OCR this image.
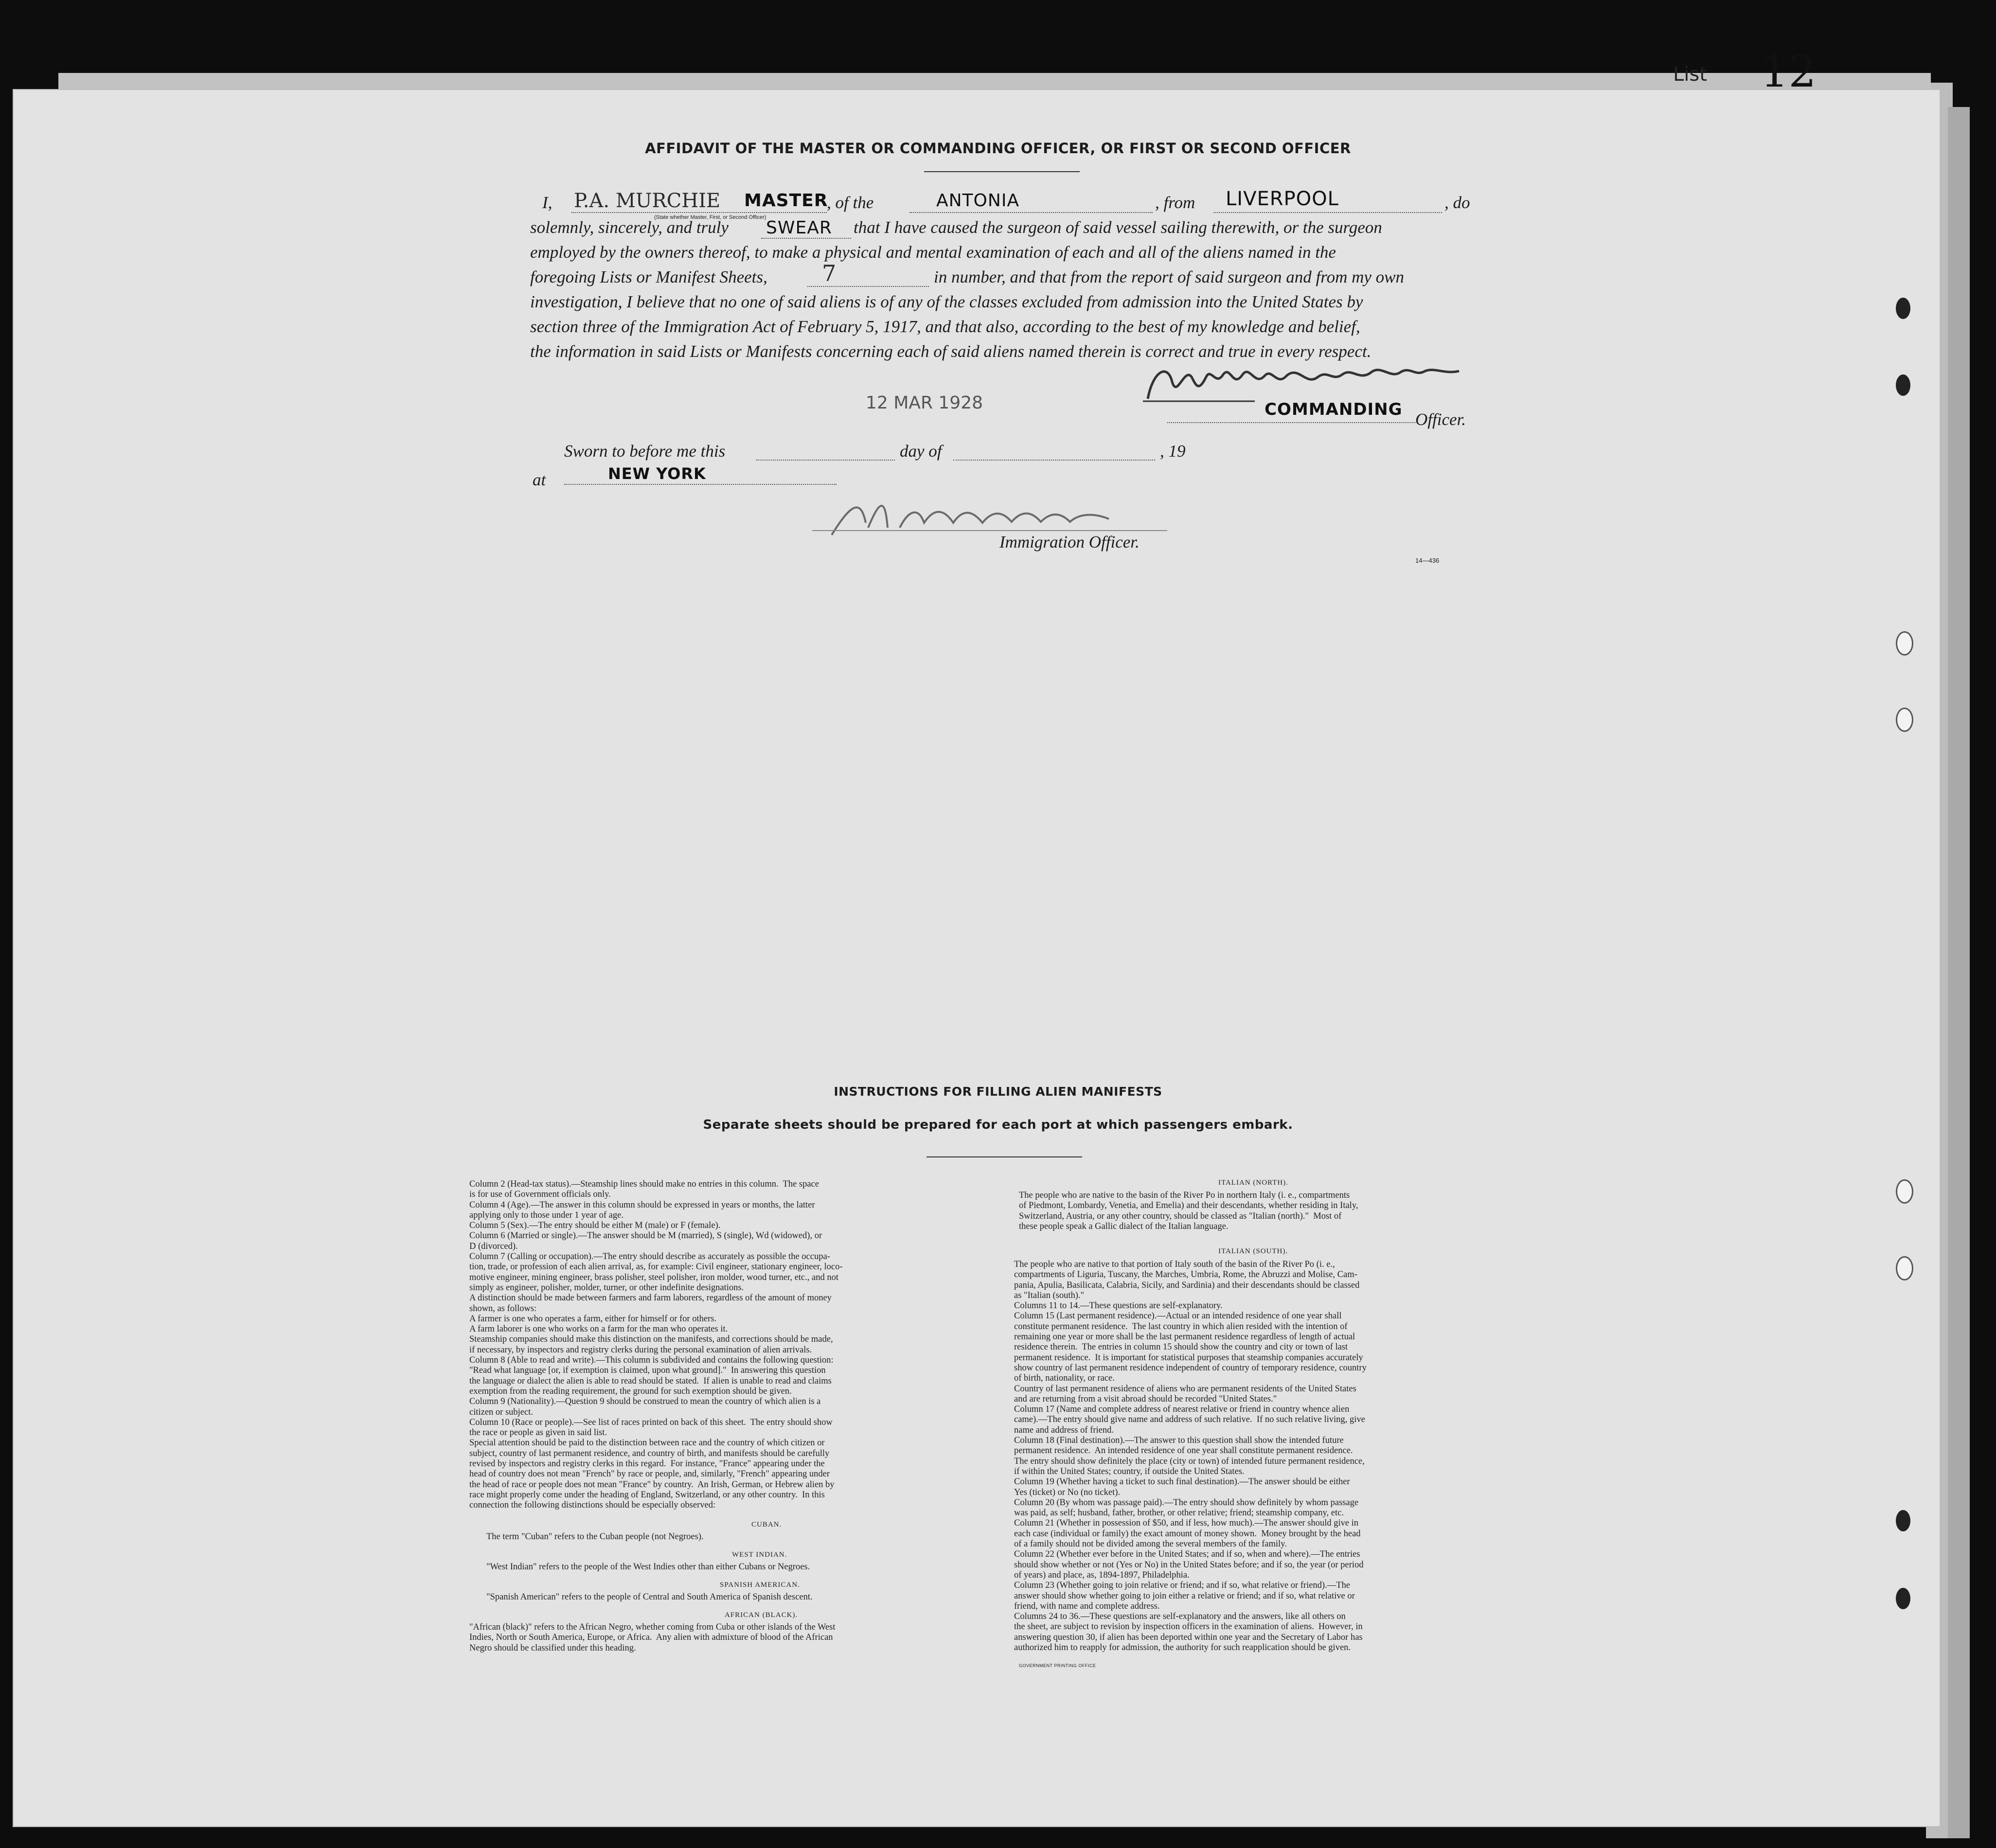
List 12
AFFIDAVIT OF THE MASTER OR COMMANDING OFFICER, OR FIRST OR SECOND OFFICER
I, P.A. MURCHIE MASTER
(State whether Master, First, or Second Officer)
, of the	ANTONIA	, from LIVERPOOL	, do
solemnly, sincerely, and truly SWEAR that I have caused the surgeon of said vessel sailing therewith, or the surgeon
employed by the owners thereof, to make a physical and mental examination of each and all of the aliens named in the
foregoing Lists or Manifest Sheets, 7	in number, and that from the report of said surgeon and from my own
investigation, I believe that no one of said aliens is of any of the classes excluded from admission into the United States by
section three of the Immigration Act of February 5, 1917, and that also, according to the best of my knowledge and belief,
the information in said Lists or Manifests concerning each of said aliens named therein is correct and true in every respect.
12 MAR 1928	COMMANDING
Officer.
Sworn to before me this	day of	, 19
at	NEW YORK
Immigration Officer.
14—436
INSTRUCTIONS FOR FILLING ALIEN MANIFESTS
Separate sheets should be prepared for each port at which passengers embark.
Column 2 (Head-tax status).—Steamship lines should make no entries in this column.  The space
is for use of Government officials only.
Column 4 (Age).—The answer in this column should be expressed in years or months, the latter
applying only to those under 1 year of age.
Column 5 (Sex).—The entry should be either M (male) or F (female).
Column 6 (Married or single).—The answer should be M (married), S (single), Wd (widowed), or
D (divorced).
Column 7 (Calling or occupation).—The entry should describe as accurately as possible the occupa-
tion, trade, or profession of each alien arrival, as, for example: Civil engineer, stationary engineer, loco-
motive engineer, mining engineer, brass polisher, steel polisher, iron molder, wood turner, etc., and not
simply as engineer, polisher, molder, turner, or other indefinite designations.
A distinction should be made between farmers and farm laborers, regardless of the amount of money
shown, as follows:
A farmer is one who operates a farm, either for himself or for others.
A farm laborer is one who works on a farm for the man who operates it.
Steamship companies should make this distinction on the manifests, and corrections should be made,
if necessary, by inspectors and registry clerks during the personal examination of alien arrivals.
Column 8 (Able to read and write).—This column is subdivided and contains the following question:
"Read what language [or, if exemption is claimed, upon what ground]."  In answering this question
the language or dialect the alien is able to read should be stated.  If alien is unable to read and claims
exemption from the reading requirement, the ground for such exemption should be given.
Column 9 (Nationality).—Question 9 should be construed to mean the country of which alien is a
citizen or subject.
Column 10 (Race or people).—See list of races printed on back of this sheet.  The entry should show
the race or people as given in said list.
Special attention should be paid to the distinction between race and the country of which citizen or
subject, country of last permanent residence, and country of birth, and manifests should be carefully
revised by inspectors and registry clerks in this regard.  For instance, "France" appearing under the
head of country does not mean "French" by race or people, and, similarly, "French" appearing under
the head of race or people does not mean "France" by country.  An Irish, German, or Hebrew alien by
race might properly come under the heading of England, Switzerland, or any other country.  In this
connection the following distinctions should be especially observed:
CUBAN.
The term "Cuban" refers to the Cuban people (not Negroes).
WEST INDIAN.
"West Indian" refers to the people of the West Indies other than either Cubans or Negroes.
SPANISH AMERICAN.
"Spanish American" refers to the people of Central and South America of Spanish descent.
AFRICAN (BLACK).
"African (black)" refers to the African Negro, whether coming from Cuba or other islands of the West
Indies, North or South America, Europe, or Africa.  Any alien with admixture of blood of the African
Negro should be classified under this heading.
ITALIAN (NORTH).
The people who are native to the basin of the River Po in northern Italy (i. e., compartments
of Piedmont, Lombardy, Venetia, and Emelia) and their descendants, whether residing in Italy,
Switzerland, Austria, or any other country, should be classed as "Italian (north)."  Most of
these people speak a Gallic dialect of the Italian language.
ITALIAN (SOUTH).
The people who are native to that portion of Italy south of the basin of the River Po (i. e.,
compartments of Liguria, Tuscany, the Marches, Umbria, Rome, the Abruzzi and Molise, Cam-
pania, Apulia, Basilicata, Calabria, Sicily, and Sardinia) and their descendants should be classed
as "Italian (south)."
Columns 11 to 14.—These questions are self-explanatory.
Column 15 (Last permanent residence).—Actual or an intended residence of one year shall
constitute permanent residence.  The last country in which alien resided with the intention of
remaining one year or more shall be the last permanent residence regardless of length of actual
residence therein.  The entries in column 15 should show the country and city or town of last
permanent residence.  It is important for statistical purposes that steamship companies accurately
show country of last permanent residence independent of country of temporary residence, country
of birth, nationality, or race.
Country of last permanent residence of aliens who are permanent residents of the United States
and are returning from a visit abroad should be recorded "United States."
Column 17 (Name and complete address of nearest relative or friend in country whence alien
came).—The entry should give name and address of such relative.  If no such relative living, give
name and address of friend.
Column 18 (Final destination).—The answer to this question shall show the intended future
permanent residence.  An intended residence of one year shall constitute permanent residence.
The entry should show definitely the place (city or town) of intended future permanent residence,
if within the United States; country, if outside the United States.
Column 19 (Whether having a ticket to such final destination).—The answer should be either
Yes (ticket) or No (no ticket).
Column 20 (By whom was passage paid).—The entry should show definitely by whom passage
was paid, as self; husband, father, brother, or other relative; friend; steamship company, etc.
Column 21 (Whether in possession of $50, and if less, how much).—The answer should give in
each case (individual or family) the exact amount of money shown.  Money brought by the head
of a family should not be divided among the several members of the family.
Column 22 (Whether ever before in the United States; and if so, when and where).—The entries
should show whether or not (Yes or No) in the United States before; and if so, the year (or period
of years) and place, as, 1894-1897, Philadelphia.
Column 23 (Whether going to join relative or friend; and if so, what relative or friend).—The
answer should show whether going to join either a relative or friend; and if so, what relative or
friend, with name and complete address.
Columns 24 to 36.—These questions are self-explanatory and the answers, like all others on
the sheet, are subject to revision by inspection officers in the examination of aliens.  However, in
answering question 30, if alien has been deported within one year and the Secretary of Labor has
authorized him to reapply for admission, the authority for such reapplication should be given.
GOVERNMENT PRINTING OFFICE
